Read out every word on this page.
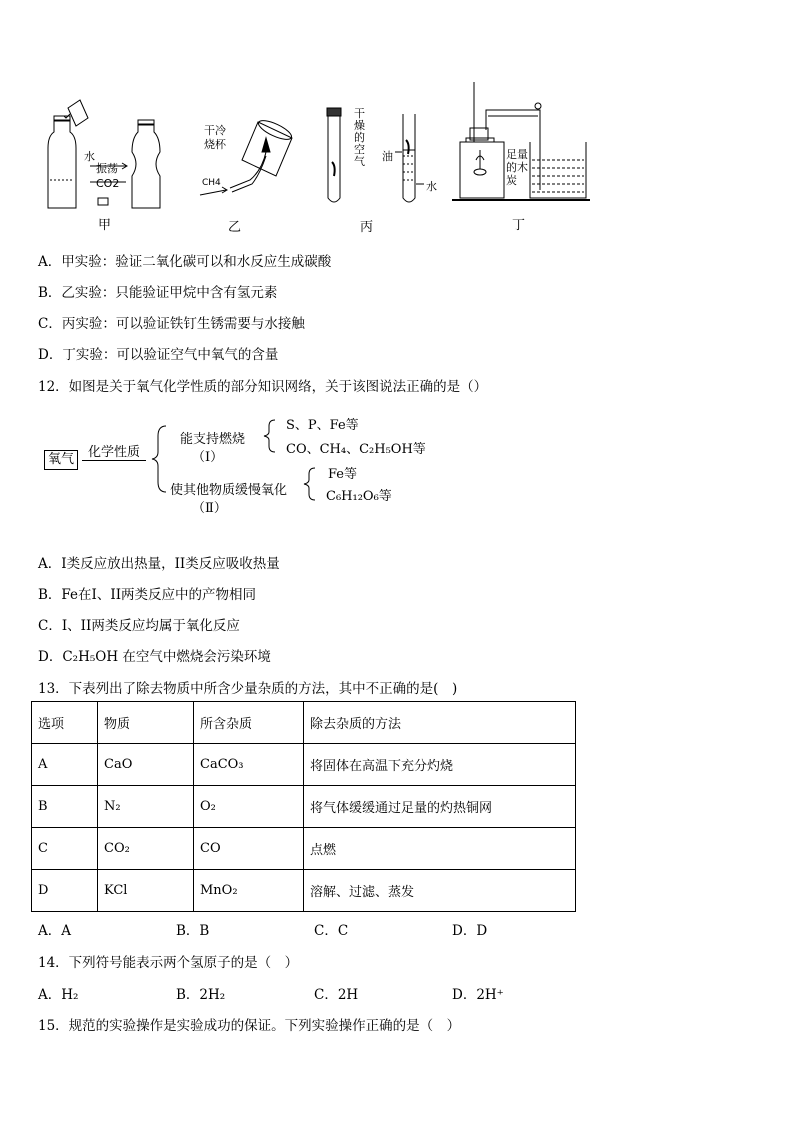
水
振荡
CO2
甲
干冷烧杯
CH4
乙
干燥的空气 油
水
丙
足量的木炭
丁
A．甲实验：验证二氧化碳可以和水反应生成碳酸
B．乙实验：只能验证甲烷中含有氢元素
C．丙实验：可以验证铁钉生锈需要与水接触
D．丁实验：可以验证空气中氧气的含量
12．如图是关于氧气化学性质的部分知识网络，关于该图说法正确的是（）
氧气	化学性质
能支持燃烧
（Ⅰ）
S、P、Fe等
CO、CH₄、C₂H₅OH等
使其他物质缓慢氧化
（Ⅱ）
Fe等
C₆H₁₂O₆等
A．I类反应放出热量，II类反应吸收热量
B．Fe在I、II两类反应中的产物相同
C．I、II两类反应均属于氧化反应
D．C₂H₅OH 在空气中燃烧会污染环境
13．下表列出了除去物质中所含少量杂质的方法，其中不正确的是(　)
选项	物质	所含杂质	除去杂质的方法
A	CaO	CaCO₃	将固体在高温下充分灼烧
B	N₂	O₂	将气体缓缓通过足量的灼热铜网
C	CO₂	CO	点燃
D	KCl	MnO₂	溶解、过滤、蒸发
A．A	B．B	C．C	D．D
14．下列符号能表示两个氢原子的是（　）
A．H₂	B．2H₂	C．2H	D．2H⁺
15．规范的实验操作是实验成功的保证。下列实验操作正确的是（　）
